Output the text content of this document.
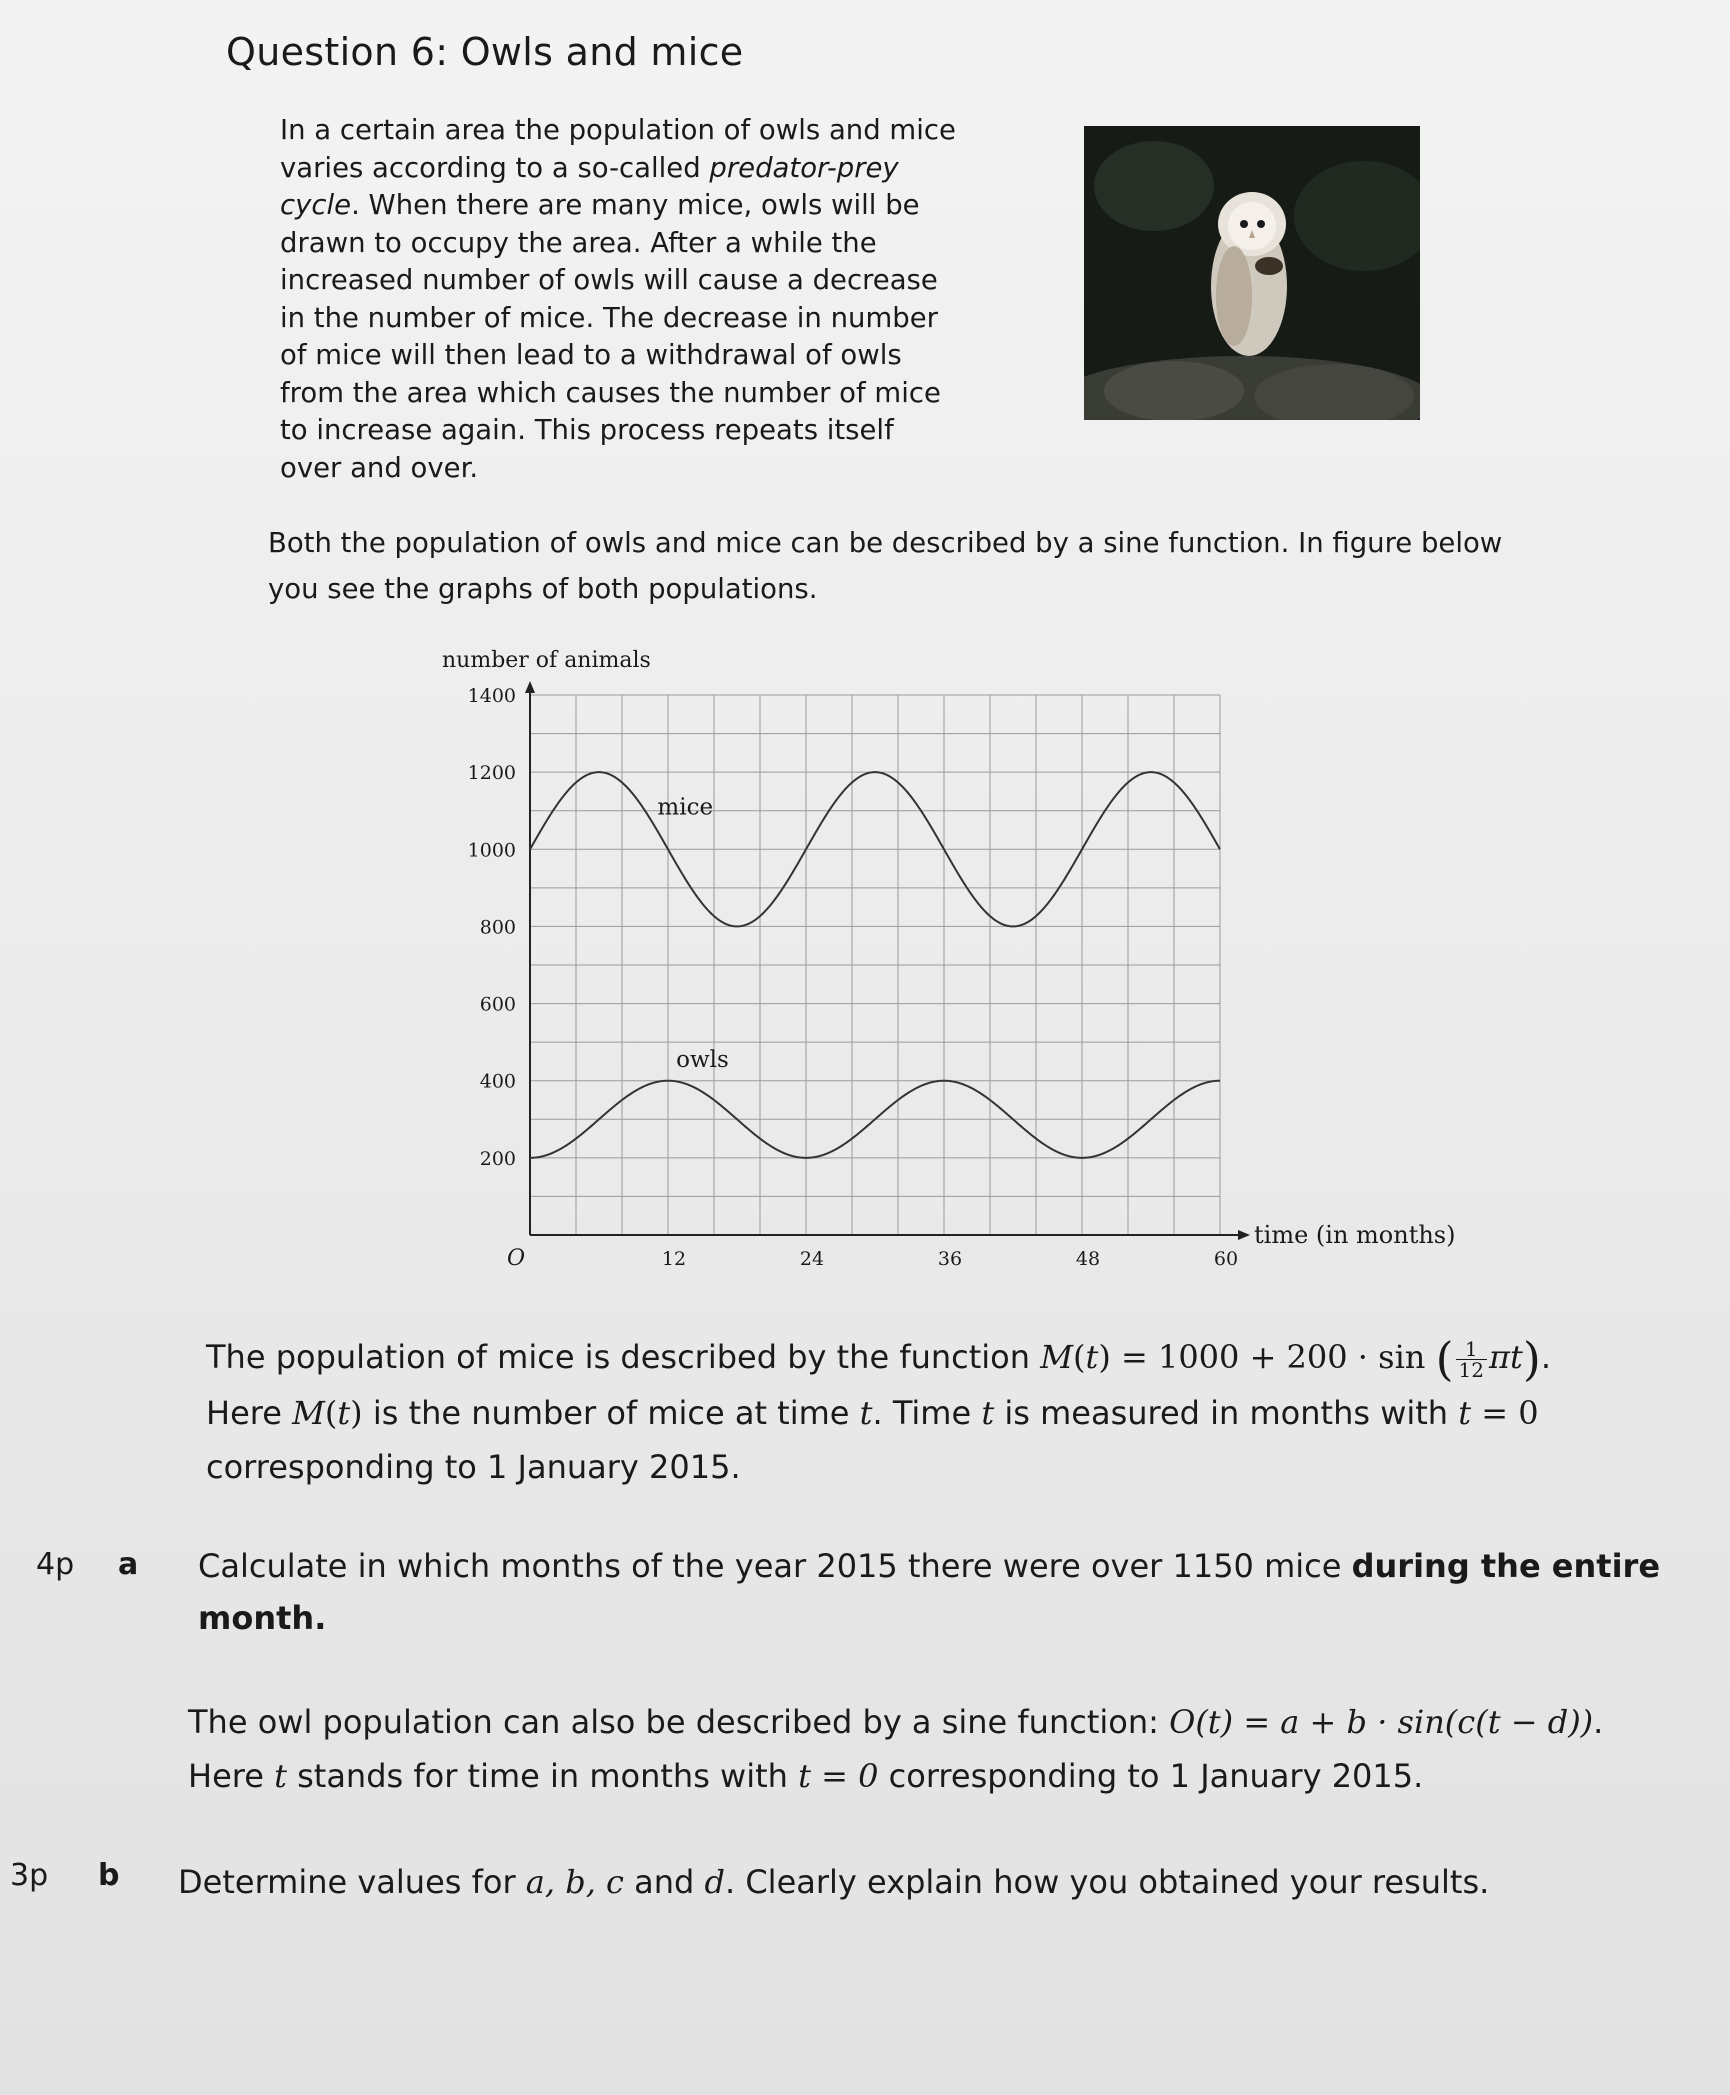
Question 6: Owls and mice
In a certain area the population of owls and mice varies according to a so-called predator-prey cycle. When there are many mice, owls will be drawn to occupy the area. After a while the increased number of owls will cause a decrease in the number of mice. The decrease in number of mice will then lead to a withdrawal of owls from the area which causes the number of mice to increase again. This process repeats itself over and over.
Both the population of owls and mice can be described by a sine function. In figure below you see the graphs of both populations.
number of animals
time (in months)
1400
1200
1000
800
600
400
200
12	24	36	48	60
O
mice
owls
The population of mice is described by the function M(t) = 1000 + 200 · sin ( $\frac{1}{12} \pi t$).
Here M(t) is the number of mice at time t. Time t is measured in months with t = 0
corresponding to 1 January 2015.
4p a Calculate in which months of the year 2015 there were over 1150 mice during the entire
month.
The owl population can also be described by a sine function: O(t) = a + b · sin(c(t − d)).
Here t stands for time in months with t = 0 corresponding to 1 January 2015.
3p b Determine values for a, b, c and d. Clearly explain how you obtained your results.
